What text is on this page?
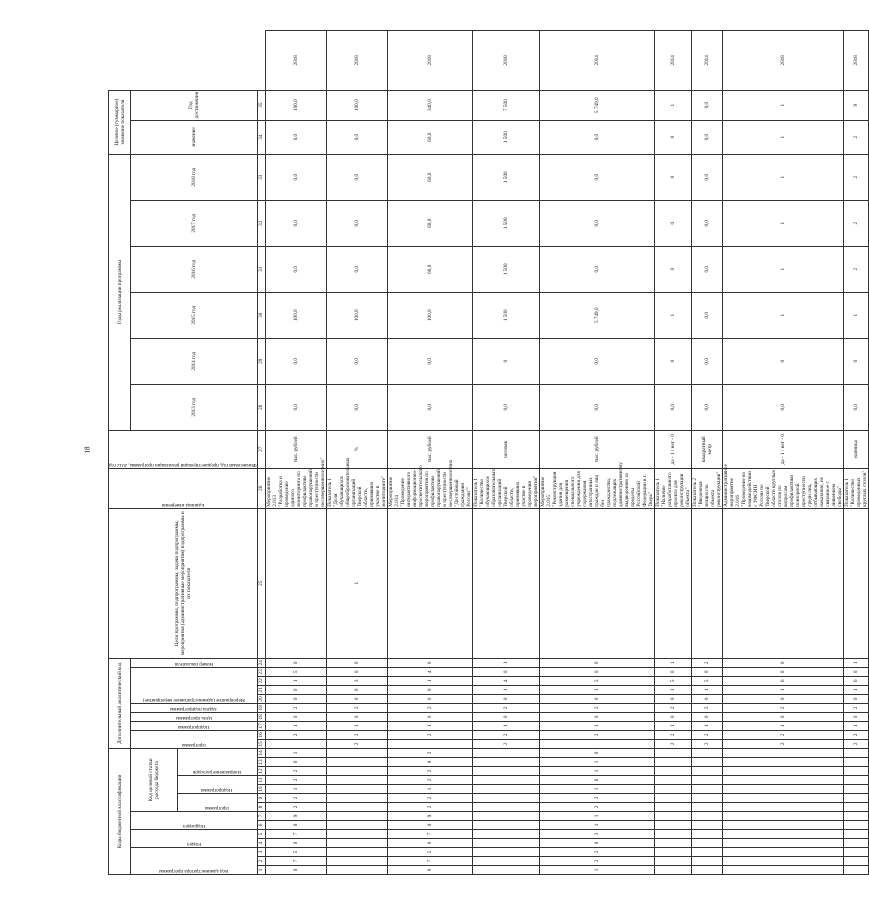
18
Коды бюджетной классификации														Дополнительный аналитический код										Цели программы, подпрограммы, задачи подпрограммы, мероприятия (административные мероприятия) подпрограммы и их показатели	Единица измерения	Финансовый год, предшествующий реализации программы, 2012 год	Годы реализации программы						Целевое (суммарное) значение показателя		

Код администратора программы			Раздел		Подраздел		Код целевой статьи расхода бюджета							Программа		Подпрограмма	Цель программы	Задача подпрограммы	Мероприятие (административное мероприятие)				Номер показателя				2013 год	2014 год	2015 год	2016 год	2017 год	2018 год	значение	Год достижения	

							Программа		Подпрограмма		Направление расходов																								

1	2	3	4	5	6	7	8	9	10	11	12	13	14	15	16	17	18	19	20	21	22	23	24	25	26	27	28	29	30	31	32	33	34	35	
0	7	5	0	7	0	9	2	2	1	2	2	0	1		2	1	0	2	0	0	1	5	0		Мероприятие 2.013 "Разработка и проведение единого мониторинга по профилактике правонарушений и преступности несовершеннолетних"	тыс. рублей	0,0	0,0	100,0	0,0	0,0	0,0	0,0	100,0	2018
														2	2	1	0	2	0	0	3	0	0	1	Показатель 1 "Доля обучающихся общеобразовательных организаций Тверской области, принявших участие в мониторинге"	%	0,0	0,0	100,0	0,0	0,0	0,0	0,0	100,0	2018
0	7	5	0	7	0	9	2	2	1	2	2	0	2		2	1	0	2	0	0	1	4	0		Мероприятие 2.014 "Проведение интерактивного информационно-просветительского мероприятия по профилактике правонарушений и преступности несовершеннолетних "Достойный гражданин России""	тыс. рублей	0,0	0,0	100,0	60,0	60,0	60,0	60,0	340,0	2018
														2	2	1	0	2	0	1	4	0	1		Показатель 1 "Количество обучающихся образовательных организаций Тверской области, принявших участие в проведении мероприятия"	человек	0,0	0	1 500	1 500	1 500	1 500	1 500	7 500	2018
1	2	2	0	3	1	1	2	2	1	6	1	1	0		2	1	0	2	0	1	5	0	0		Мероприятие 2.015 "Реконструкция здания для размещения специального учреждения для содержания иностранных граждан и лиц без гражданства, подлежащих административному выдворению за пределы Российской Федерации в г. Тверь"	тыс. рублей	0,0	0,0	5 749,0	0,0	0,0	0,0	0,0	5 749,0	2014
														2	2	1	0	2	0	1	5	0	1		Показатель 1 "Наличие разработанного проекта для реконструкции объекта"	да - 1 / нет - 0	0,0	0	1	0	0	0	0	1	2014
														2	2	1	0	2	0	1	5	0	2		Показатель 2 "Введенная мощность объекта реконструкции"	квадратный метр	0,0	0,0	0,0	0,0	0,0	0,0	0,0	0,0	2014
														2	2	1	0	2	0	1	6	0	0		Административное мероприятие 2.016 "Проведение во взаимодействии с УФСИН России по Тверской области круглых столов по вопросам профилактики повторной преступности среди лиц, отбывающих наказание, не связанное с лишением свободы"	да - 1 / нет - 0	0,0	0	1	1	1	1	1	1	2018
														2	2	1	0	2	0	1	6	0	1		Показатель 1 "Количество проведенных круглых столов"	единица	0,0	0	1	2	2	2	2	9	2018
